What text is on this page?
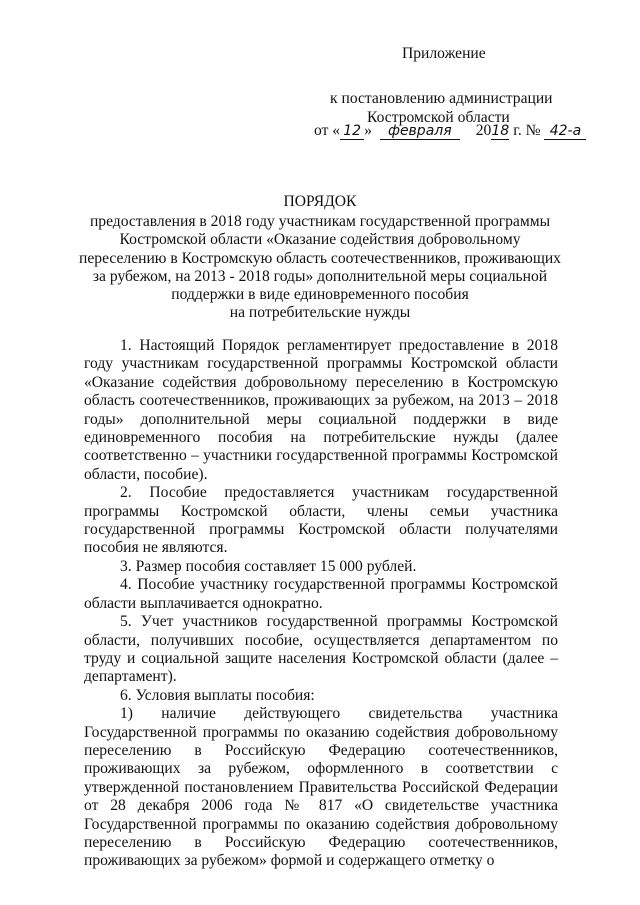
Приложение
к постановлению администрации
Костромской области
от « 12 » февраля 2018 г. № 42-а
ПОРЯДОК
предоставления в 2018 году участникам государственной программы
Костромской области «Оказание содействия добровольному
переселению в Костромскую область соотечественников, проживающих
за рубежом, на 2013 - 2018 годы» дополнительной меры социальной
поддержки в виде единовременного пособия
на потребительские нужды

1. Настоящий Порядок регламентирует предоставление в 2018 году участникам государственной программы Костромской области «Оказание содействия добровольному переселению в Костромскую область соотечественников, проживающих за рубежом, на 2013 – 2018 годы» дополнительной меры социальной поддержки в виде единовременного пособия на потребительские нужды (далее соответственно – участники государственной программы Костромской области, пособие).

2. Пособие предоставляется участникам государственной программы Костромской области, члены семьи участника государственной программы Костромской области получателями пособия не являются.

3. Размер пособия составляет 15 000 рублей.

4. Пособие участнику государственной программы Костромской области выплачивается однократно.

5. Учет участников государственной программы Костромской области, получивших пособие, осуществляется департаментом по труду и социальной защите населения Костромской области (далее – департамент).

6. Условия выплаты пособия:

1) наличие действующего свидетельства участника Государственной программы по оказанию содействия добровольному переселению в Российскую Федерацию соотечественников, проживающих за рубежом, оформленного в соответствии с утвержденной постановлением Правительства Российской Федерации от 28 декабря 2006 года № 817 «О свидетельстве участника Государственной программы по оказанию содействия добровольному переселению в Российскую Федерацию соотечественников, проживающих за рубежом» формой и содержащего отметку о
